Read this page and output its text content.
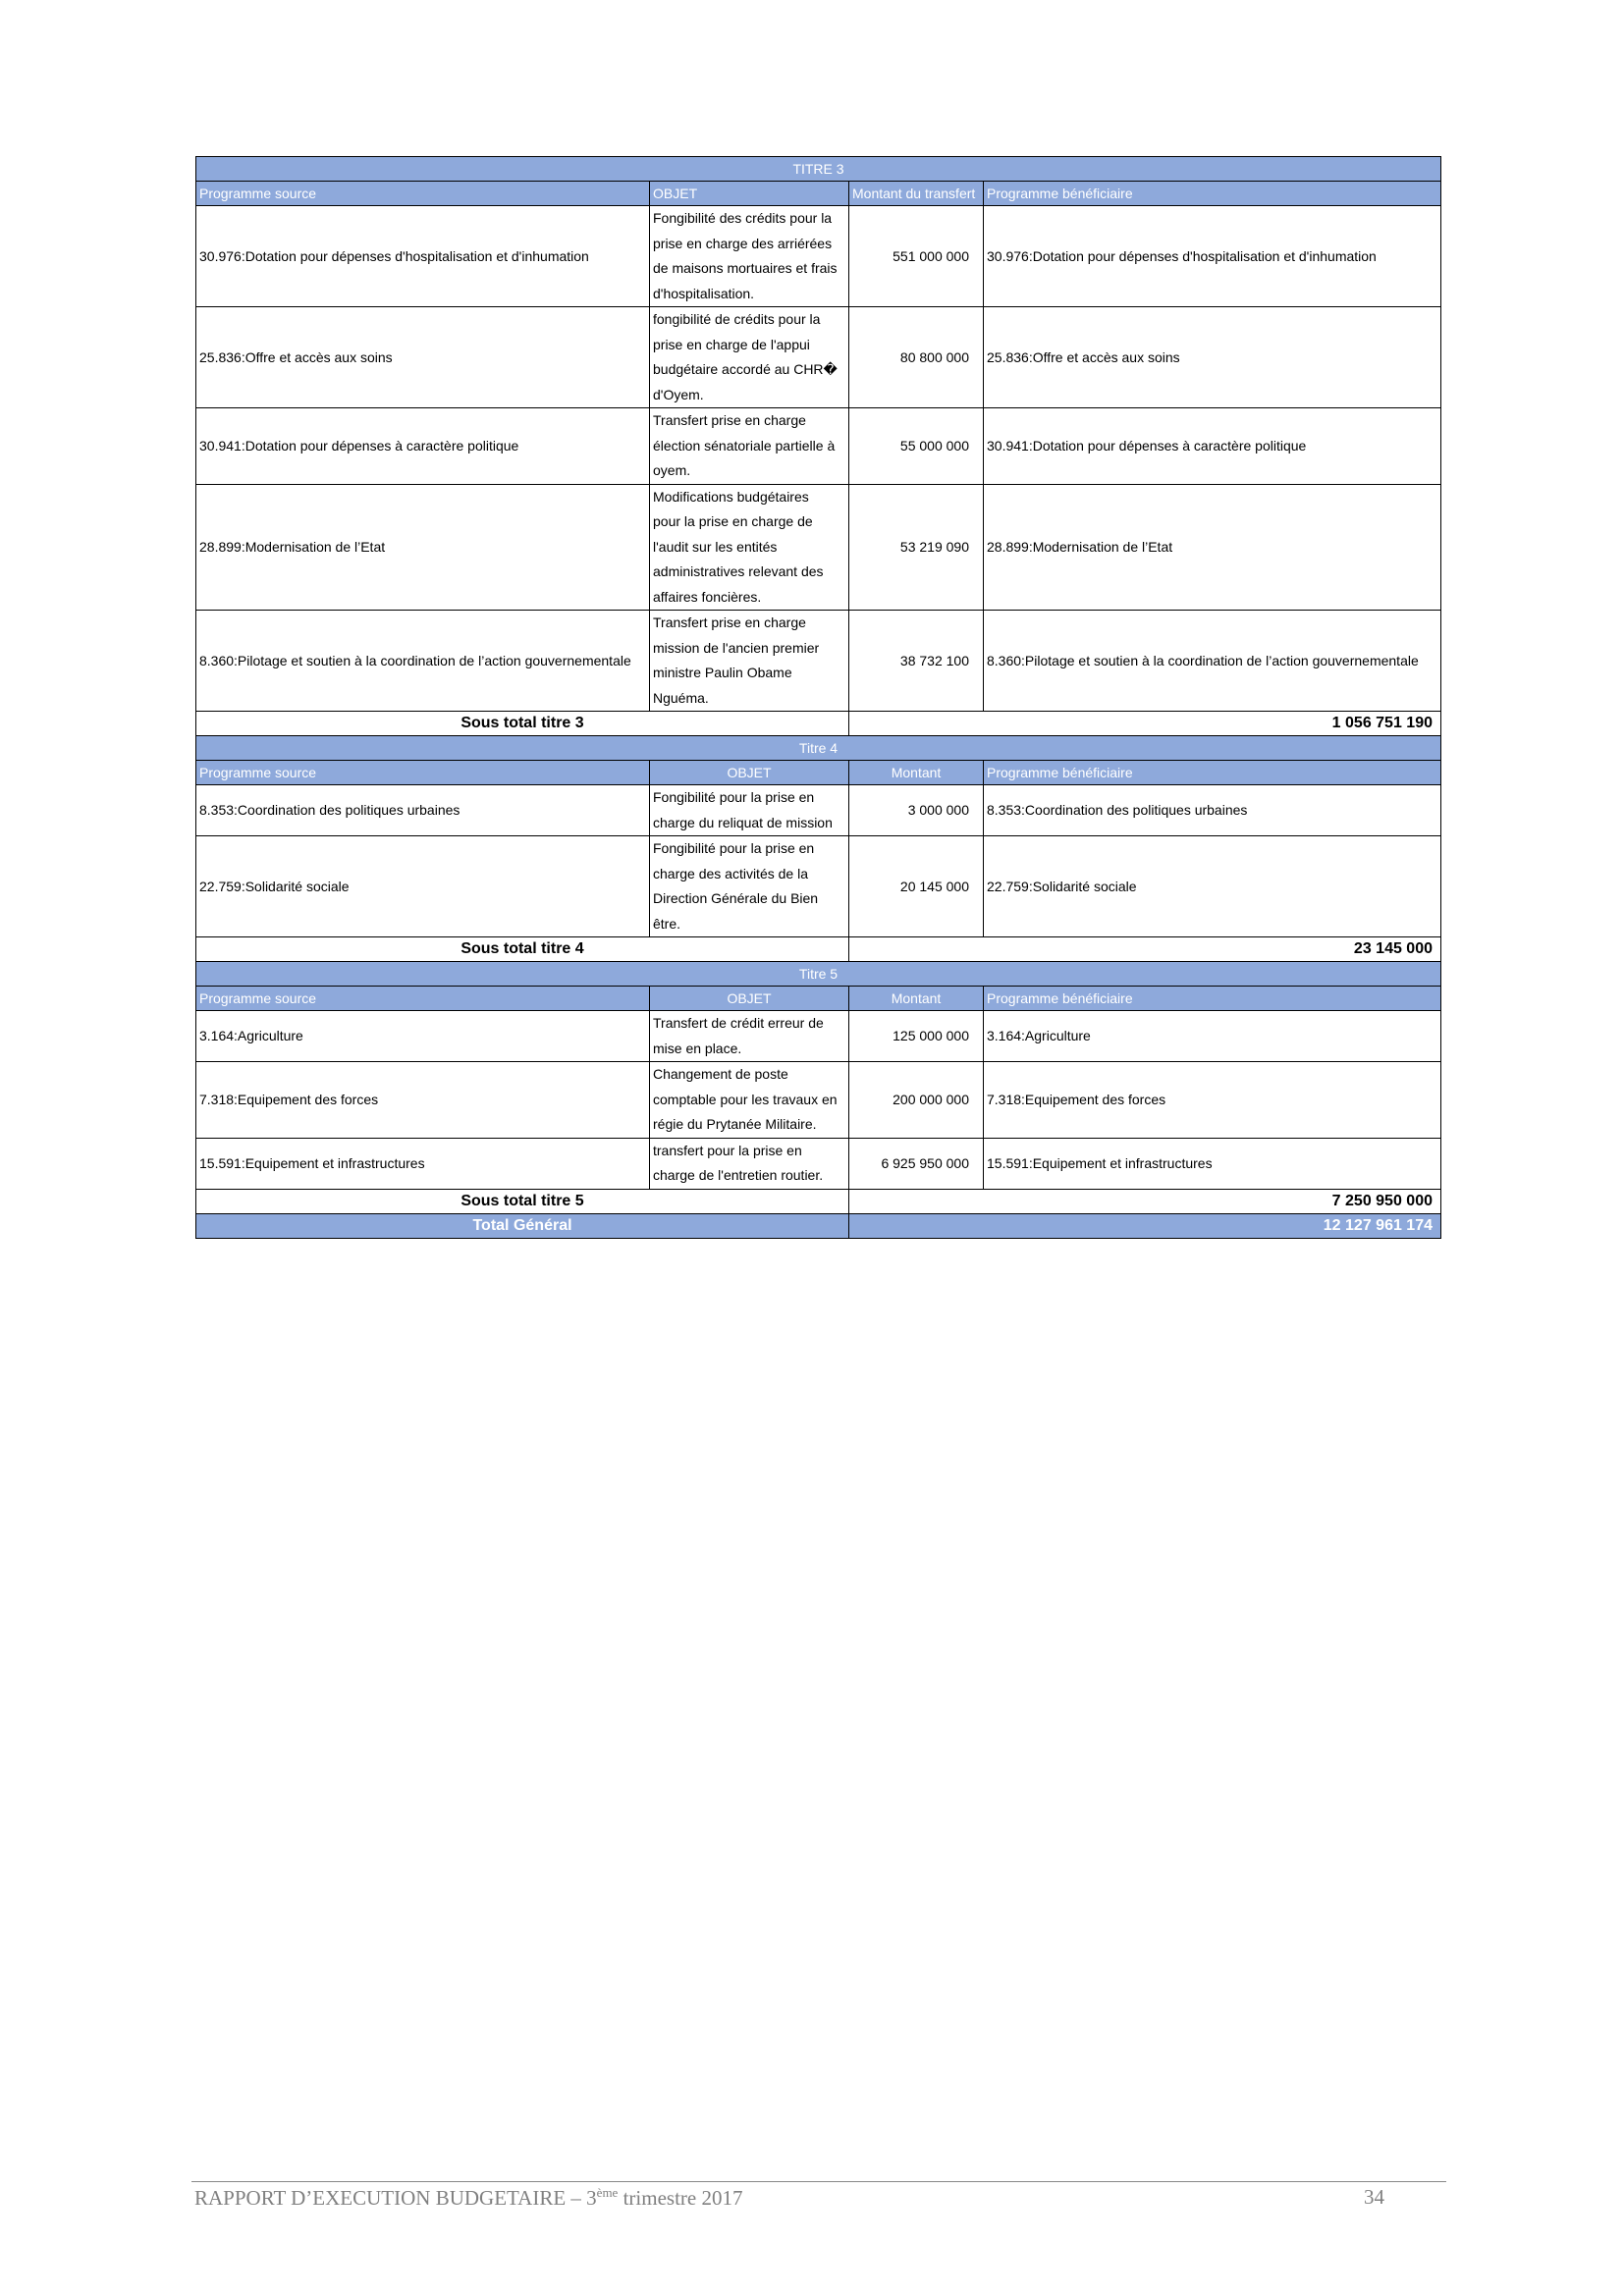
TITRE 3			
Programme source	OBJET	Montant du transfert	Programme bénéficiaire
30.976:Dotation pour dépenses d'hospitalisation et d'inhumation	Fongibilité des crédits pour la
prise en charge des arriérées
de maisons mortuaires et frais
d'hospitalisation.	551 000 000	30.976:Dotation pour dépenses d'hospitalisation et d'inhumation
25.836:Offre et accès aux soins	fongibilité de crédits pour la
prise en charge de l'appui
budgétaire accordé au CHR�
d'Oyem.	80 800 000	25.836:Offre et accès aux soins
30.941:Dotation pour dépenses à caractère politique	Transfert prise en charge
élection sénatoriale partielle à
oyem.	55 000 000	30.941:Dotation pour dépenses à caractère politique
28.899:Modernisation de l’Etat	Modifications budgétaires
pour la prise en charge de
l'audit sur les entités
administratives relevant des
affaires foncières.	53 219 090	28.899:Modernisation de l’Etat
8.360:Pilotage et soutien à la coordination de l’action gouvernementale	Transfert prise en charge
mission de l'ancien premier
ministre Paulin Obame
Nguéma.	38 732 100	8.360:Pilotage et soutien à la coordination de l’action gouvernementale
Sous total titre 3		1 056 751 190	
Titre 4			
Programme source	OBJET	Montant	Programme bénéficiaire
8.353:Coordination des politiques urbaines	Fongibilité pour la prise en
charge du reliquat de mission	3 000 000	8.353:Coordination des politiques urbaines
22.759:Solidarité sociale	Fongibilité pour la prise en
charge des activités de la
Direction Générale du Bien
être.	20 145 000	22.759:Solidarité sociale
Sous total titre 4		23 145 000	
Titre 5			
Programme source	OBJET	Montant	Programme bénéficiaire
3.164:Agriculture	Transfert de crédit erreur de
mise en place.	125 000 000	3.164:Agriculture
7.318:Equipement des forces	Changement de poste
comptable pour les travaux en
régie du Prytanée Militaire.	200 000 000	7.318:Equipement des forces
15.591:Equipement et infrastructures	transfert pour la prise en
charge de l'entretien routier.	6 925 950 000	15.591:Equipement et infrastructures
Sous total titre 5		7 250 950 000	
Total Général		12 127 961 174	
RAPPORT D’EXECUTION BUDGETAIRE – 3ème trimestre 2017	34
